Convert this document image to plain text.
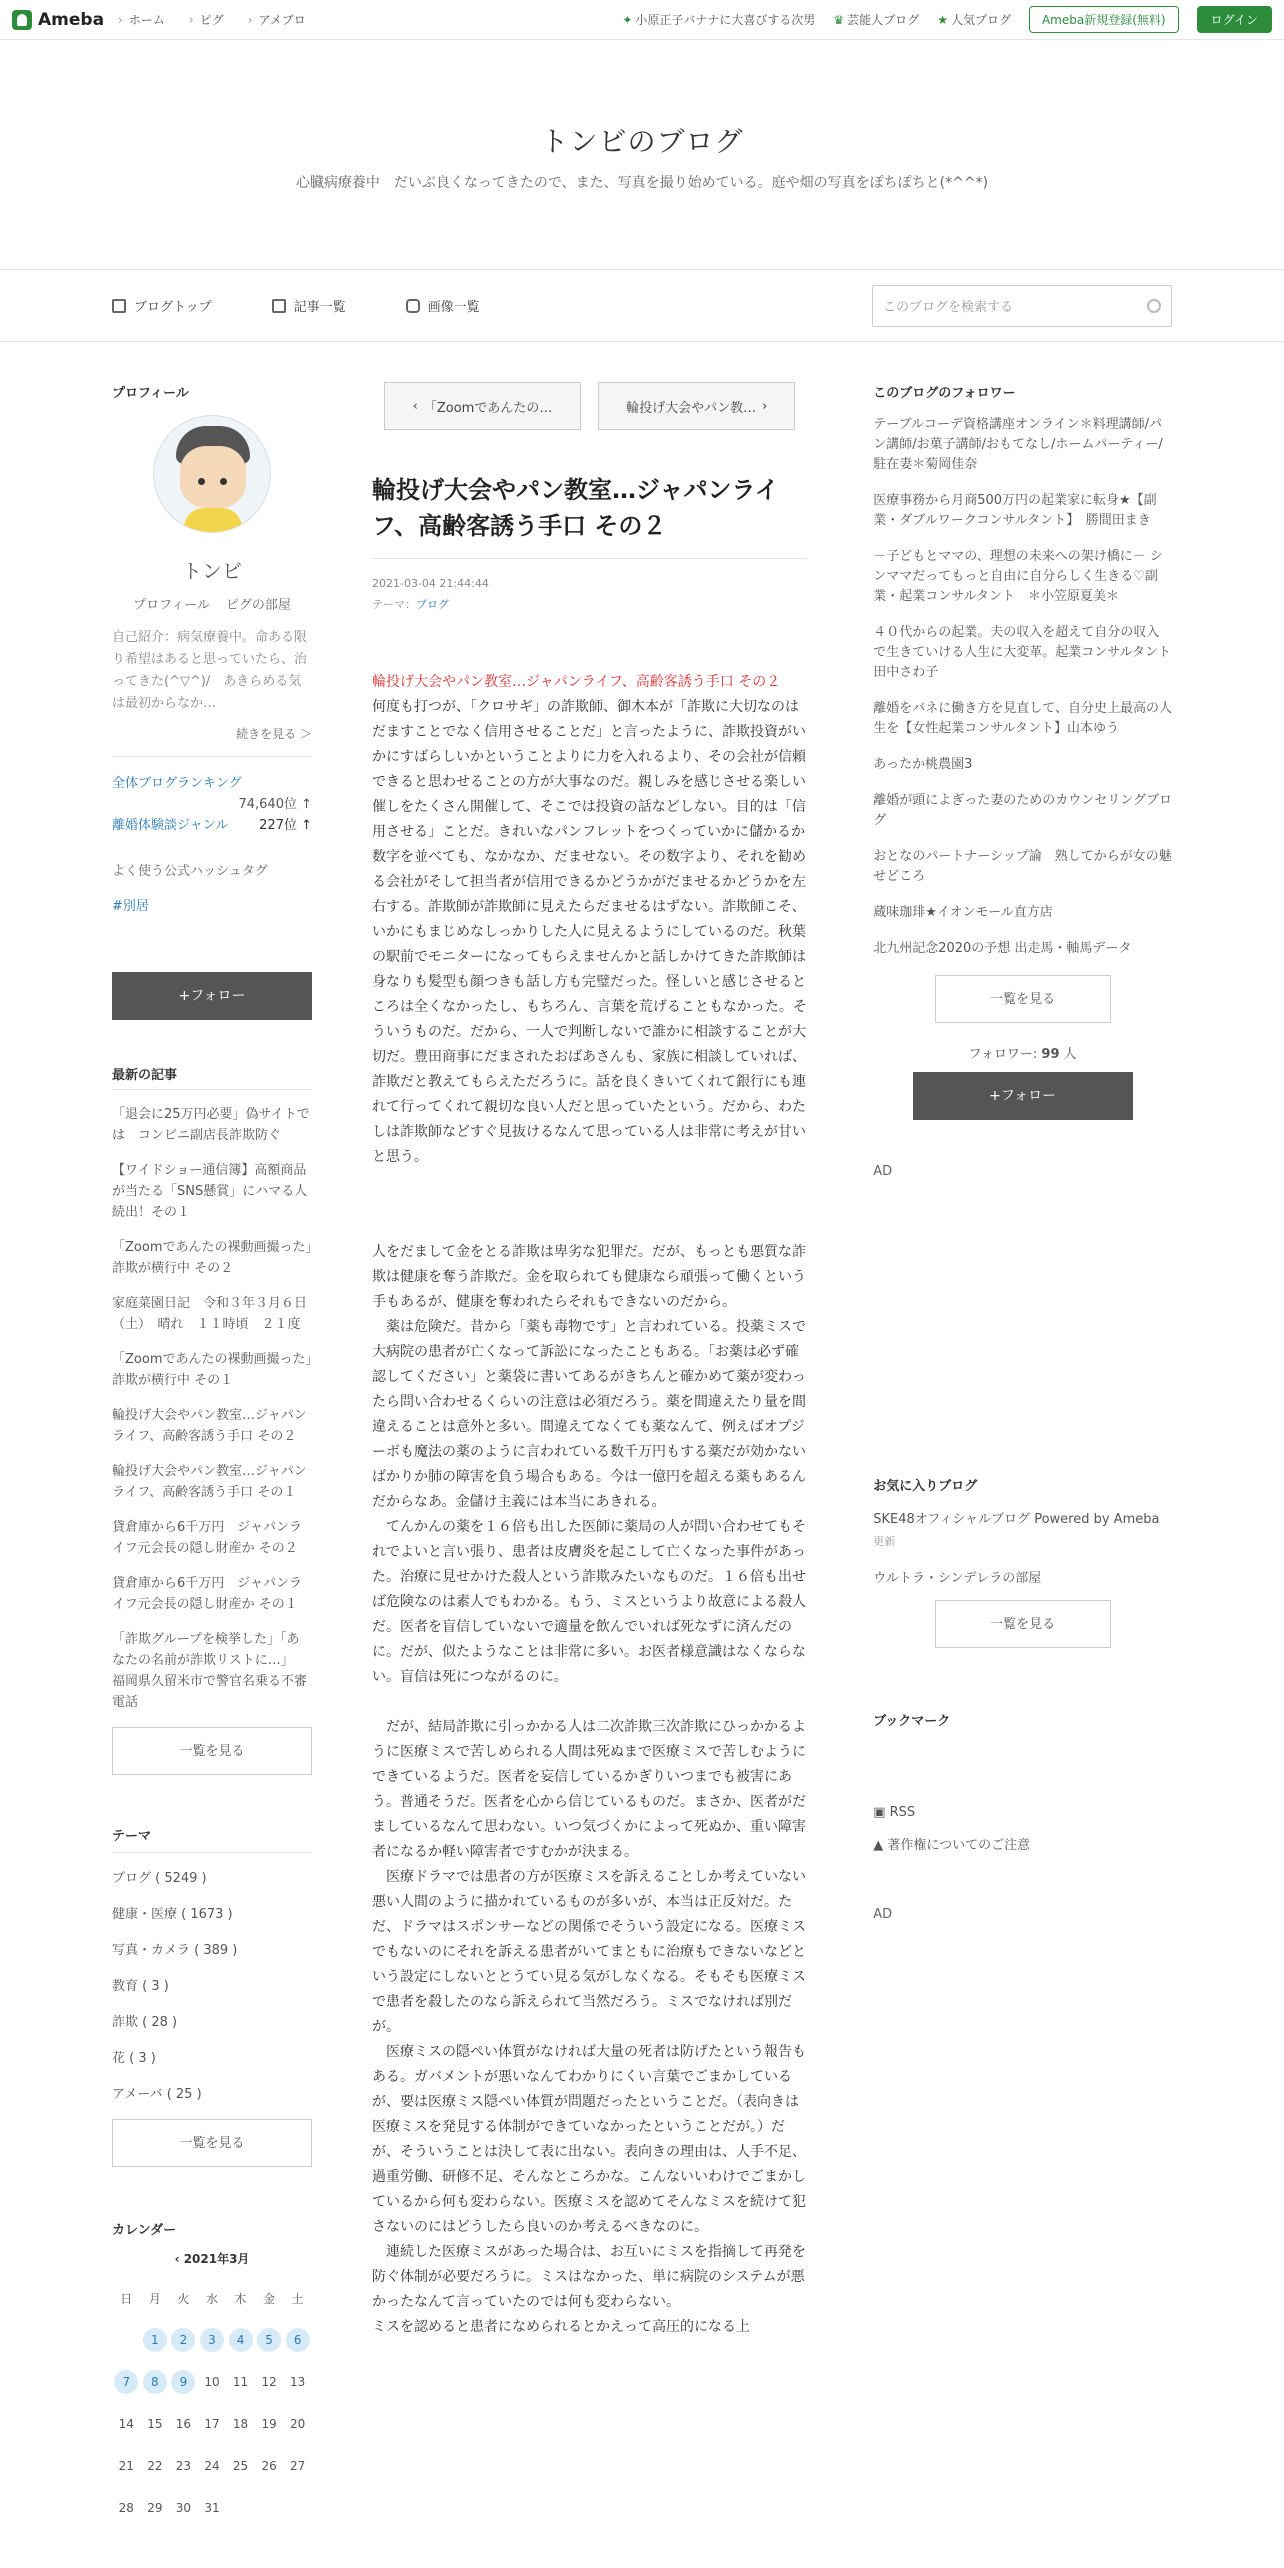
Ameba	› ホーム	› ピグ	› アメブロ	✦ 小原正子バナナに大喜びする次男 ♛ 芸能人ブログ ★ 人気ブログ	Ameba新規登録(無料)	ログイン
トンビのブログ

心臓病療養中　だいぶ良くなってきたので、また、写真を撮り始めている。庭や畑の写真をぽちぽちと(*^^*)

ブログトップ	記事一覧	画像一覧	このブログを検索する
プロフィール
トンビ
プロフィール ピグの部屋
自己紹介：病気療養中。命ある限り希望はあると思っていたら、治ってきた(^▽^)/　あきらめる気は最初からなか…
続きを見る ＞
全体ブログランキング
74,640位 ↑
離婚体験談ジャンル 227位 ↑
よく使う公式ハッシュタグ
#別居
+フォロー
最新の記事
「退会に25万円必要」偽サイトでは　コンビニ副店長詐欺防ぐ
【ワイドショー通信簿】高額商品が当たる「SNS懸賞」にハマる人続出！その１
「Zoomであんたの裸動画撮った」詐欺が横行中 その２
家庭菜園日記　令和３年３月６日（土）　晴れ　１１時頃　２１度
「Zoomであんたの裸動画撮った」詐欺が横行中 その１
輪投げ大会やパン教室…ジャパンライフ、高齢客誘う手口 その２
輪投げ大会やパン教室…ジャパンライフ、高齢客誘う手口 その１
貸倉庫から6千万円　ジャパンライフ元会長の隠し財産か その２
貸倉庫から6千万円　ジャパンライフ元会長の隠し財産か その１
「詐欺グループを検挙した」「あなたの名前が詐欺リストに…」　福岡県久留米市で警官名乗る不審電話
一覧を見る
テーマ
ブログ ( 5249 )
健康・医療 ( 1673 )
写真・カメラ ( 389 )
教育 ( 3 )
詐欺 ( 28 )
花 ( 3 )
アメーバ ( 25 )
一覧を見る
カレンダー
‹ 2021年3月
日	月	火	水	木	金	土
	1	2	3	4	5	6
7	8	9	10	11	12	13
14	15	16	17	18	19	20
21	22	23	24	25	26	27
28	29	30	31			
‹ 「Zoomであんたの…	輪投げ大会やパン教… ›
輪投げ大会やパン教室…ジャパンライフ、高齢客誘う手口 その２
2021-03-04 21:44:44
テーマ：ブログ
輪投げ大会やパン教室…ジャパンライフ、高齢客誘う手口 その２
何度も打つが、「クロサギ」の詐欺師、御木本が「詐欺に大切なのはだますことでなく信用させることだ」と言ったように、詐欺投資がいかにすばらしいかということよりに力を入れるより、その会社が信頼できると思わせることの方が大事なのだ。親しみを感じさせる楽しい催しをたくさん開催して、そこでは投資の話などしない。目的は「信用させる」ことだ。きれいなパンフレットをつくっていかに儲かるか数字を並べても、なかなか、だませない。その数字より、それを勧める会社がそして担当者が信用できるかどうかがだませるかどうかを左右する。詐欺師が詐欺師に見えたらだませるはずない。詐欺師こそ、いかにもまじめなしっかりした人に見えるようにしているのだ。秋葉の駅前でモニターになってもらえませんかと話しかけてきた詐欺師は身なりも髪型も顔つきも話し方も完璧だった。怪しいと感じさせるところは全くなかったし、もちろん、言葉を荒げることもなかった。そういうものだ。だから、一人で判断しないで誰かに相談することが大切だ。豊田商事にだまされたおばあさんも、家族に相談していれば、詐欺だと教えてもらえただろうに。話を良くきいてくれて銀行にも連れて行ってくれて親切な良い人だと思っていたという。だから、わたしは詐欺師などすぐ見抜けるなんて思っている人は非常に考えが甘いと思う。
人をだまして金をとる詐欺は卑劣な犯罪だ。だが、もっとも悪質な詐欺は健康を奪う詐欺だ。金を取られても健康なら頑張って働くという手もあるが、健康を奪われたらそれもできないのだから。
　薬は危険だ。昔から「薬も毒物です」と言われている。投薬ミスで大病院の患者が亡くなって訴訟になったこともある。「お薬は必ず確認してください」と薬袋に書いてあるがきちんと確かめて薬が変わったら問い合わせるくらいの注意は必須だろう。薬を間違えたり量を間違えることは意外と多い。間違えてなくても薬なんて、例えばオプジーボも魔法の薬のように言われている数千万円もする薬だが効かないばかりか肺の障害を負う場合もある。今は一億円を超える薬もあるんだからなあ。金儲け主義には本当にあきれる。
　てんかんの薬を１６倍も出した医師に薬局の人が問い合わせてもそれでよいと言い張り、患者は皮膚炎を起こして亡くなった事件があった。治療に見せかけた殺人という詐欺みたいなものだ。１６倍も出せば危険なのは素人でもわかる。もう、ミスというより故意による殺人だ。医者を盲信していないで適量を飲んでいれば死なずに済んだのに。だが、似たようなことは非常に多い。お医者様意識はなくならない。盲信は死につながるのに。
　だが、結局詐欺に引っかかる人は二次詐欺三次詐欺にひっかかるように医療ミスで苦しめられる人間は死ぬまで医療ミスで苦しむようにできているようだ。医者を妄信しているかぎりいつまでも被害にあう。普通そうだ。医者を心から信じているものだ。まさか、医者がだましているなんて思わない。いつ気づくかによって死ぬか、重い障害者になるか軽い障害者ですむかが決まる。
　医療ドラマでは患者の方が医療ミスを訴えることしか考えていない悪い人間のように描かれているものが多いが、本当は正反対だ。ただ、ドラマはスポンサーなどの関係でそういう設定になる。医療ミスでもないのにそれを訴える患者がいてまともに治療もできないなどという設定にしないととうてい見る気がしなくなる。そもそも医療ミスで患者を殺したのなら訴えられて当然だろう。ミスでなければ別だが。
　医療ミスの隠ぺい体質がなければ大量の死者は防げたという報告もある。ガバメントが悪いなんてわかりにくい言葉でごまかしているが、要は医療ミス隠ぺい体質が問題だったということだ。（表向きは医療ミスを発見する体制ができていなかったということだが。）だが、そういうことは決して表に出ない。表向きの理由は、人手不足、過重労働、研修不足、そんなところかな。こんないいわけでごまかしているから何も変わらない。医療ミスを認めてそんなミスを続けて犯さないのにはどうしたら良いのか考えるべきなのに。
　連続した医療ミスがあった場合は、お互いにミスを指摘して再発を防ぐ体制が必要だろうに。ミスはなかった、単に病院のシステムが悪かったなんて言っていたのでは何も変わらない。
ミスを認めると患者になめられるとかえって高圧的になる上
このブログのフォロワー
テーブルコーデ資格講座オンライン＊料理講師/パン講師/お菓子講師/おもてなし/ホームパーティー/駐在妻＊菊岡佳奈
医療事務から月商500万円の起業家に転身★【副業・ダブルワークコンサルタント】　勝間田まき
－子どもとママの、理想の未来への架け橋に－ シンママだってもっと自由に自分らしく生きる♡副業・起業コンサルタント　＊小笠原夏美＊
４０代からの起業。夫の収入を超えて自分の収入で生きていける人生に大変革。起業コンサルタント　田中さわ子
離婚をバネに働き方を見直して、自分史上最高の人生を【女性起業コンサルタント】山本ゆう
あったか桃農園3
離婚が頭によぎった妻のためのカウンセリングブログ
おとなのパートナーシップ論　熟してからが女の魅せどころ
蔵味珈琲★イオンモール直方店
北九州記念2020の予想 出走馬・軸馬データ
一覧を見る
フォロワー: 99 人
+フォロー
AD
お気に入りブログ
SKE48オフィシャルブログ Powered by Ameba
更新
ウルトラ・シンデレラの部屋
一覧を見る
ブックマーク
▣ RSS
▲ 著作権についてのご注意
AD
